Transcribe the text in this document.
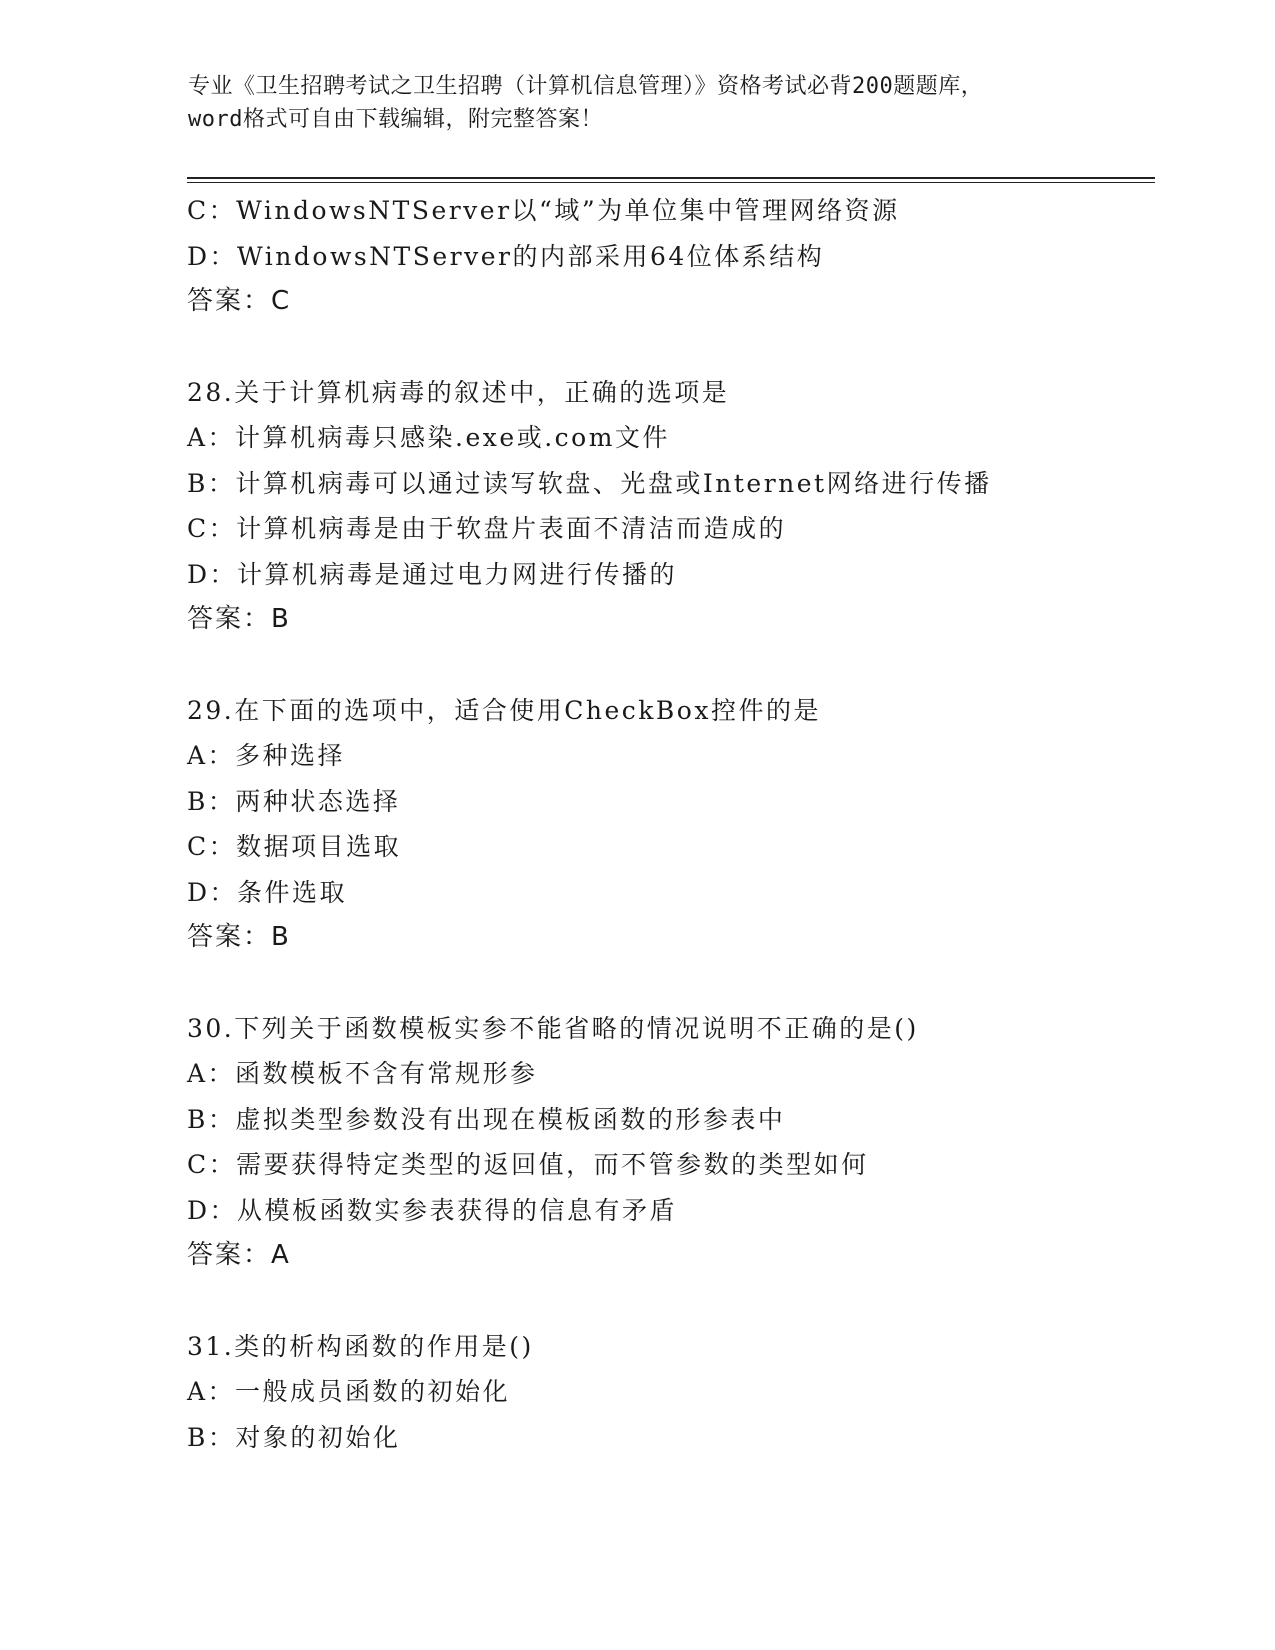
专业《卫生招聘考试之卫生招聘（计算机信息管理）》资格考试必背200题题库，
word格式可自由下载编辑，附完整答案！
C：WindowsNTServer以“域”为单位集中管理网络资源
D：WindowsNTServer的内部采用64位体系结构
答案：C
28.关于计算机病毒的叙述中，正确的选项是
A：计算机病毒只感染.exe或.com文件
B：计算机病毒可以通过读写软盘、光盘或Internet网络进行传播
C：计算机病毒是由于软盘片表面不清洁而造成的
D：计算机病毒是通过电力网进行传播的
答案：B
29.在下面的选项中，适合使用CheckBox控件的是
A：多种选择
B：两种状态选择
C：数据项目选取
D：条件选取
答案：B
30.下列关于函数模板实参不能省略的情况说明不正确的是()
A：函数模板不含有常规形参
B：虚拟类型参数没有出现在模板函数的形参表中
C：需要获得特定类型的返回值，而不管参数的类型如何
D：从模板函数实参表获得的信息有矛盾
答案：A
31.类的析构函数的作用是()
A：一般成员函数的初始化
B：对象的初始化
